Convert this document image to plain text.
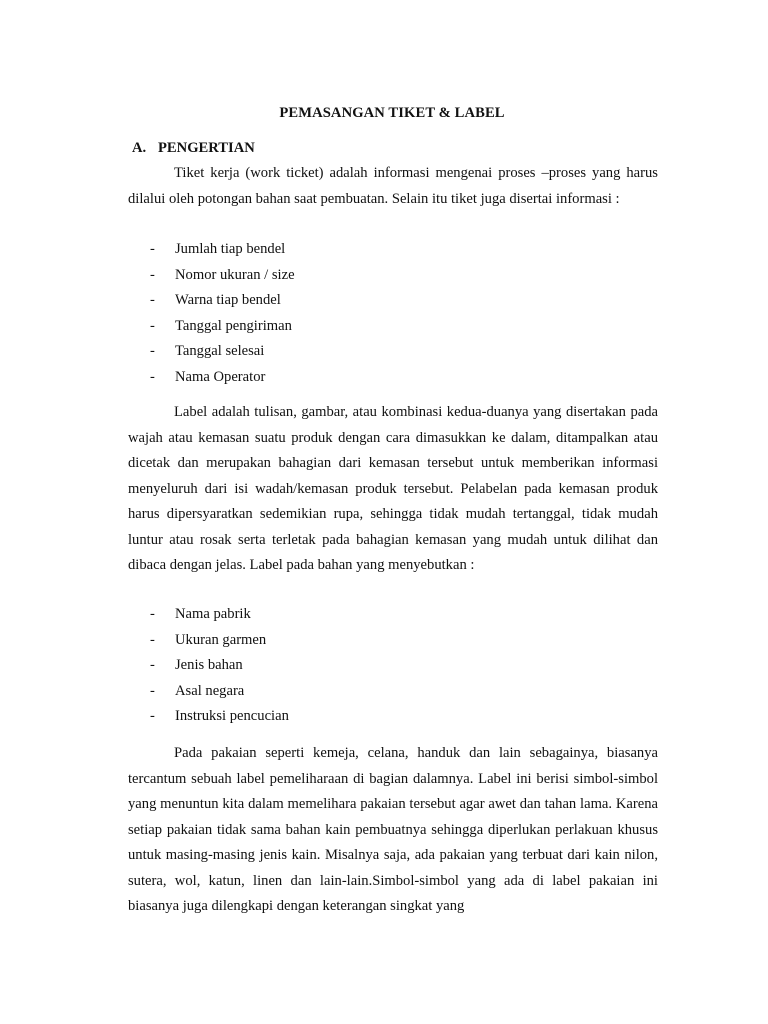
PEMASANGAN TIKET & LABEL
A. PENGERTIAN

Tiket kerja (work ticket) adalah informasi mengenai proses –proses yang harus dilalui oleh potongan bahan saat pembuatan. Selain itu tiket juga disertai informasi :

-	Jumlah tiap bendel
-	Nomor ukuran / size
-	Warna tiap bendel
-	Tanggal pengiriman
-	Tanggal selesai
-	Nama Operator

Label adalah tulisan, gambar, atau kombinasi kedua-duanya yang disertakan pada wajah atau kemasan suatu produk dengan cara dimasukkan ke dalam, ditampalkan atau dicetak dan merupakan bahagian dari kemasan tersebut untuk memberikan informasi menyeluruh dari isi wadah/kemasan produk tersebut. Pelabelan pada kemasan produk harus dipersyaratkan sedemikian rupa, sehingga tidak mudah tertanggal, tidak mudah luntur atau rosak serta terletak pada bahagian kemasan yang mudah untuk dilihat dan dibaca dengan jelas. Label pada bahan yang menyebutkan :

-	Nama pabrik
-	Ukuran garmen
-	Jenis bahan
-	Asal negara
-	Instruksi pencucian

Pada pakaian seperti kemeja, celana, handuk dan lain sebagainya, biasanya tercantum sebuah label pemeliharaan di bagian dalamnya. Label ini berisi simbol-simbol yang menuntun kita dalam memelihara pakaian tersebut agar awet dan tahan lama. Karena setiap pakaian tidak sama bahan kain pembuatnya sehingga diperlukan perlakuan khusus untuk masing-masing jenis kain. Misalnya saja, ada pakaian yang terbuat dari kain nilon, sutera, wol, katun, linen dan lain-lain.Simbol-simbol yang ada di label pakaian ini biasanya juga dilengkapi dengan keterangan singkat yang
